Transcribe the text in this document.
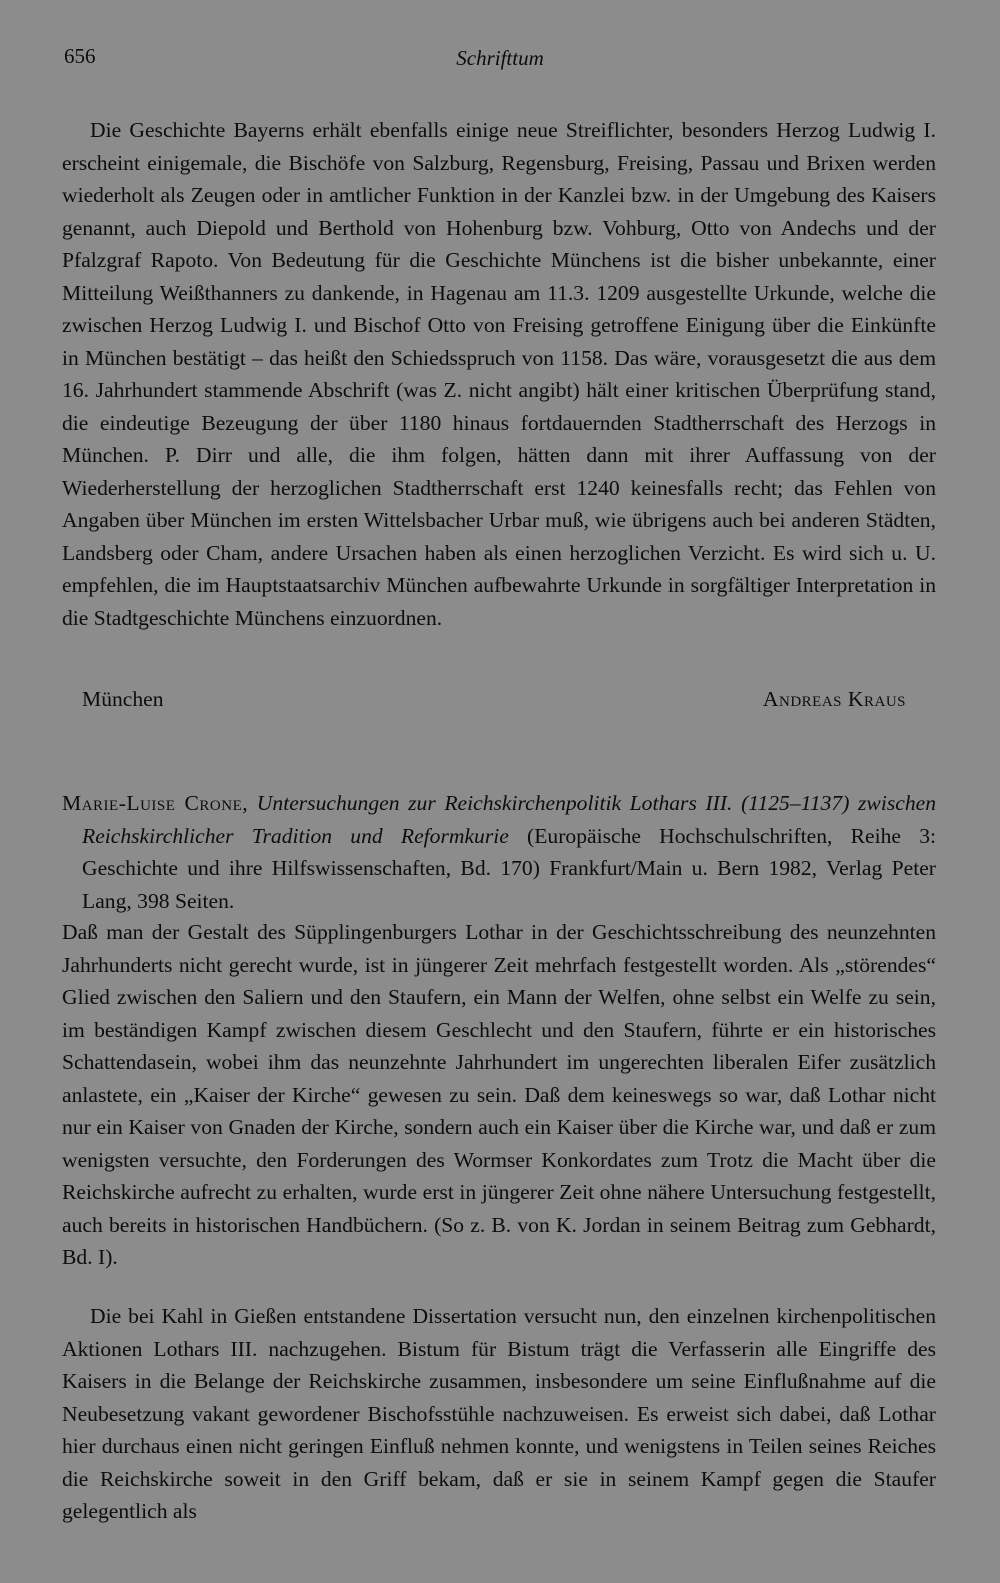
656	Schrifttum

Die Geschichte Bayerns erhält ebenfalls einige neue Streiflichter, besonders Herzog Ludwig I. erscheint einigemale, die Bischöfe von Salzburg, Regensburg, Freising, Passau und Brixen werden wiederholt als Zeugen oder in amtlicher Funktion in der Kanzlei bzw. in der Umgebung des Kaisers genannt, auch Diepold und Berthold von Hohenburg bzw. Vohburg, Otto von Andechs und der Pfalzgraf Rapoto. Von Bedeutung für die Geschichte Münchens ist die bisher unbekannte, einer Mitteilung Weißthanners zu dankende, in Hagenau am 11.3. 1209 ausgestellte Urkunde, welche die zwischen Herzog Ludwig I. und Bischof Otto von Freising getroffene Einigung über die Einkünfte in München bestätigt – das heißt den Schiedsspruch von 1158. Das wäre, vorausgesetzt die aus dem 16. Jahrhundert stammende Abschrift (was Z. nicht angibt) hält einer kritischen Überprüfung stand, die eindeutige Bezeugung der über 1180 hinaus fortdauernden Stadtherrschaft des Herzogs in München. P. Dirr und alle, die ihm folgen, hätten dann mit ihrer Auffassung von der Wiederherstellung der herzoglichen Stadtherrschaft erst 1240 keinesfalls recht; das Fehlen von Angaben über München im ersten Wittelsbacher Urbar muß, wie übrigens auch bei anderen Städten, Landsberg oder Cham, andere Ursachen haben als einen herzoglichen Verzicht. Es wird sich u. U. empfehlen, die im Hauptstaatsarchiv München aufbewahrte Urkunde in sorgfältiger Interpretation in die Stadtgeschichte Münchens einzuordnen.

München	Andreas Kraus

Marie-Luise Crone, Untersuchungen zur Reichskirchenpolitik Lothars III. (1125–1137) zwischen Reichskirchlicher Tradition und Reformkurie (Europäische Hochschulschriften, Reihe 3: Geschichte und ihre Hilfswissenschaften, Bd. 170) Frankfurt/Main u. Bern 1982, Verlag Peter Lang, 398 Seiten.

Daß man der Gestalt des Süpplingenburgers Lothar in der Geschichtsschreibung des neunzehnten Jahrhunderts nicht gerecht wurde, ist in jüngerer Zeit mehrfach festgestellt worden. Als „störendes“ Glied zwischen den Saliern und den Staufern, ein Mann der Welfen, ohne selbst ein Welfe zu sein, im beständigen Kampf zwischen diesem Geschlecht und den Staufern, führte er ein historisches Schattendasein, wobei ihm das neunzehnte Jahrhundert im ungerechten liberalen Eifer zusätzlich anlastete, ein „Kaiser der Kirche“ gewesen zu sein. Daß dem keineswegs so war, daß Lothar nicht nur ein Kaiser von Gnaden der Kirche, sondern auch ein Kaiser über die Kirche war, und daß er zum wenigsten versuchte, den Forderungen des Wormser Konkordates zum Trotz die Macht über die Reichskirche aufrecht zu erhalten, wurde erst in jüngerer Zeit ohne nähere Untersuchung festgestellt, auch bereits in historischen Handbüchern. (So z. B. von K. Jordan in seinem Beitrag zum Gebhardt, Bd. I).

Die bei Kahl in Gießen entstandene Dissertation versucht nun, den einzelnen kirchenpolitischen Aktionen Lothars III. nachzugehen. Bistum für Bistum trägt die Verfasserin alle Eingriffe des Kaisers in die Belange der Reichskirche zusammen, insbesondere um seine Einflußnahme auf die Neubesetzung vakant gewordener Bischofsstühle nachzuweisen. Es erweist sich dabei, daß Lothar hier durchaus einen nicht geringen Einfluß nehmen konnte, und wenigstens in Teilen seines Reiches die Reichskirche soweit in den Griff bekam, daß er sie in seinem Kampf gegen die Staufer gelegentlich als
